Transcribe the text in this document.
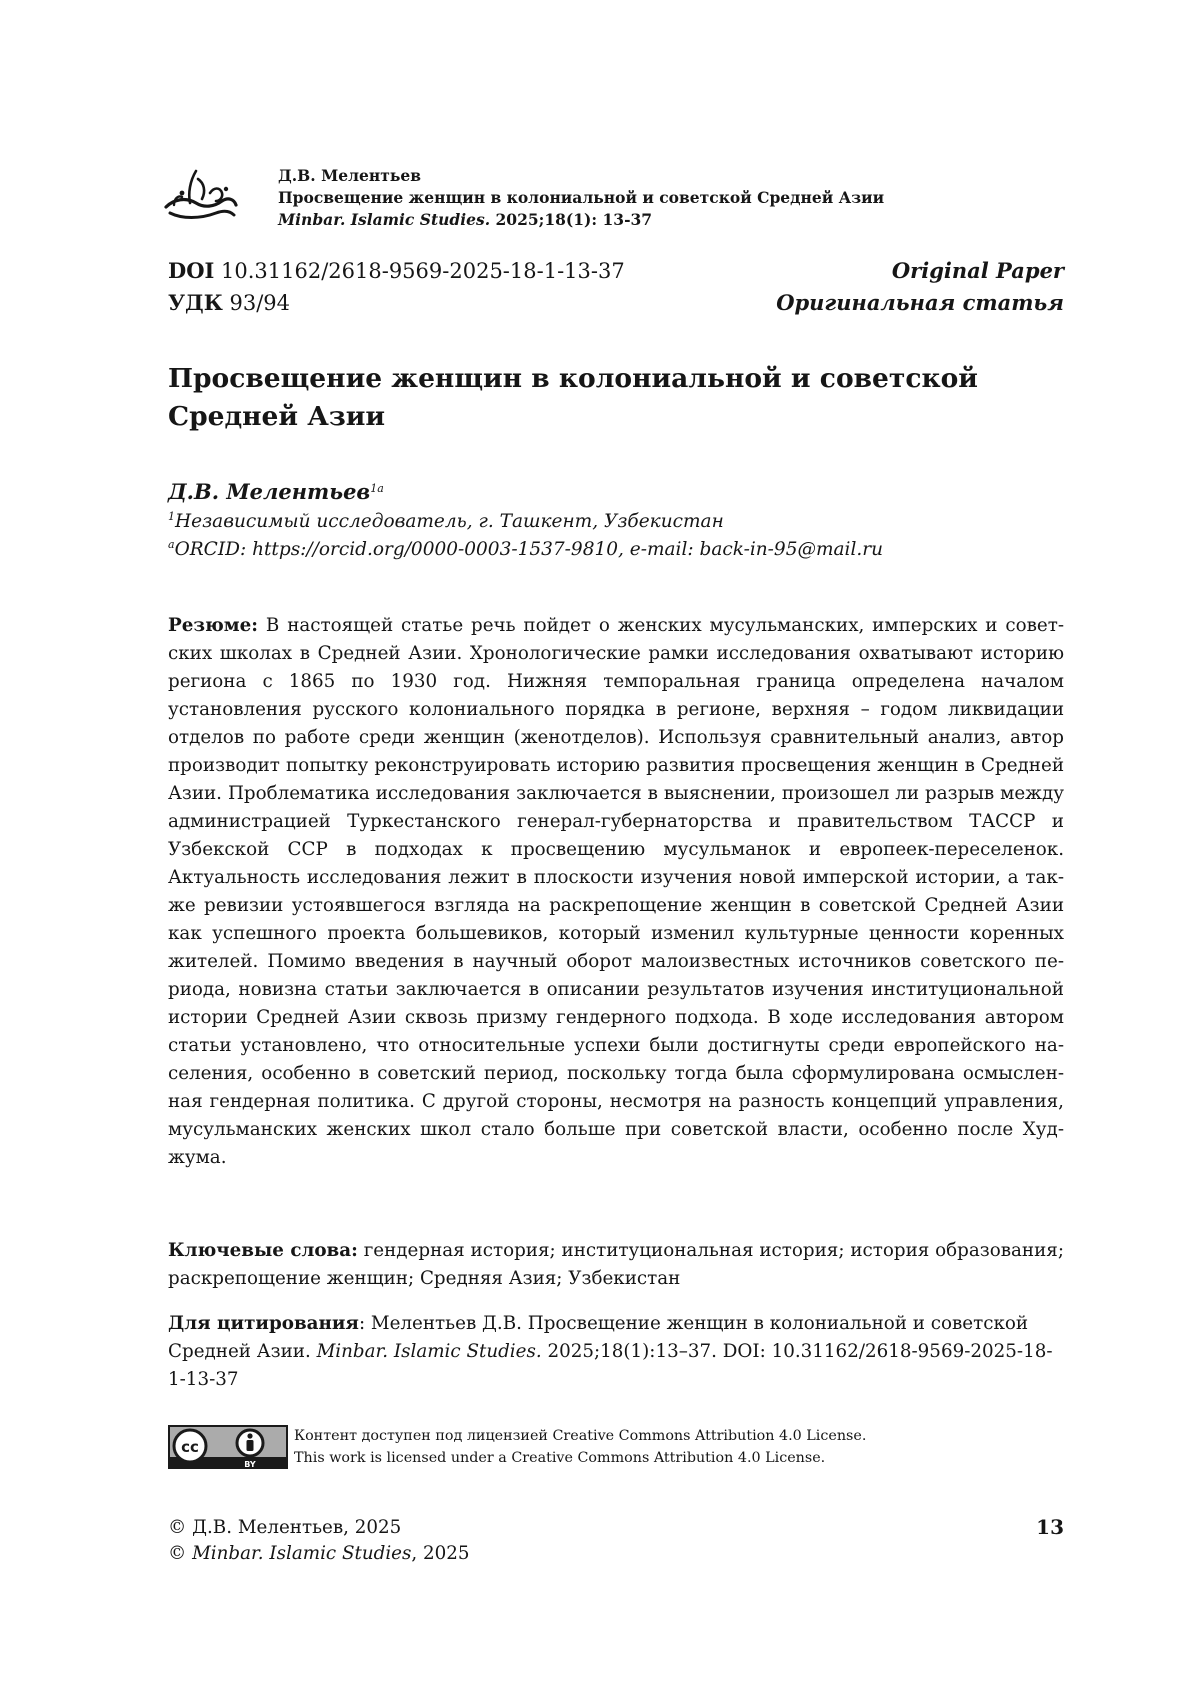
Д.В. Мелентьев
Просвещение женщин в колониальной и советской Средней Азии
Minbar. Islamic Studies. 2025;18(1): 13-37
DOI 10.31162/2618-9569-2025-18-1-13-37
УДК 93/94
Original Paper
Оригинальная статья
Просвещение женщин в колониальной и советской
Средней Азии
Д.В. Мелентьев$^{1a}$
$^1$Независимый исследователь, г. Ташкент, Узбекистан
$^a$ORCID: https://orcid.org/0000-0003-1537-9810, e-mail: back-in-95@mail.ru
Резюме: В настоящей статье речь пойдет о женских мусульманских, имперских и советских школах в Средней Азии. Хронологические рамки исследования охватывают историю региона с 1865 по 1930 год. Нижняя темпоральная граница определена началом установления русского колониального порядка в регионе, верхняя – годом ликвидации отделов по работе среди женщин (женотделов). Используя сравнительный анализ, автор производит попытку реконструировать историю развития просвещения женщин в Средней Азии. Проблематика исследования заключается в выяснении, произошел ли разрыв между администрацией Туркестанского генерал-губернаторства и правительством ТАССР и Узбекской ССР в подходах к просвещению мусульманок и европеек-переселенок. Актуальность исследования лежит в плоскости изучения новой имперской истории, а также ревизии устоявшегося взгляда на раскрепощение женщин в советской Средней Азии как успешного проекта большевиков, который изменил культурные ценности коренных жителей. Помимо введения в научный оборот малоизвестных источников советского периода, новизна статьи заключается в описании результатов изучения институциональной истории Средней Азии сквозь призму гендерного подхода. В ходе исследования автором статьи установлено, что относительные успехи были достигнуты среди европейского населения, особенно в советский период, поскольку тогда была сформулирована осмысленная гендерная политика. С другой стороны, несмотря на разность концепций управления, мусульманских женских школ стало больше при советской власти, особенно после Худжума.
Ключевые слова: гендерная история; институциональная история; история образования; раскрепощение женщин; Средняя Азия; Узбекистан
Для цитирования: Мелентьев Д.В. Просвещение женщин в колониальной и советской Средней Азии. Minbar. Islamic Studies. 2025;18(1):13–37. DOI: 10.31162/2618-9569-2025-18-1-13-37
cc
BY
Контент доступен под лицензией Creative Commons Attribution 4.0 License.
This work is licensed under a Creative Commons Attribution 4.0 License.
© Д.В. Мелентьев, 2025
© Minbar. Islamic Studies, 2025
13
